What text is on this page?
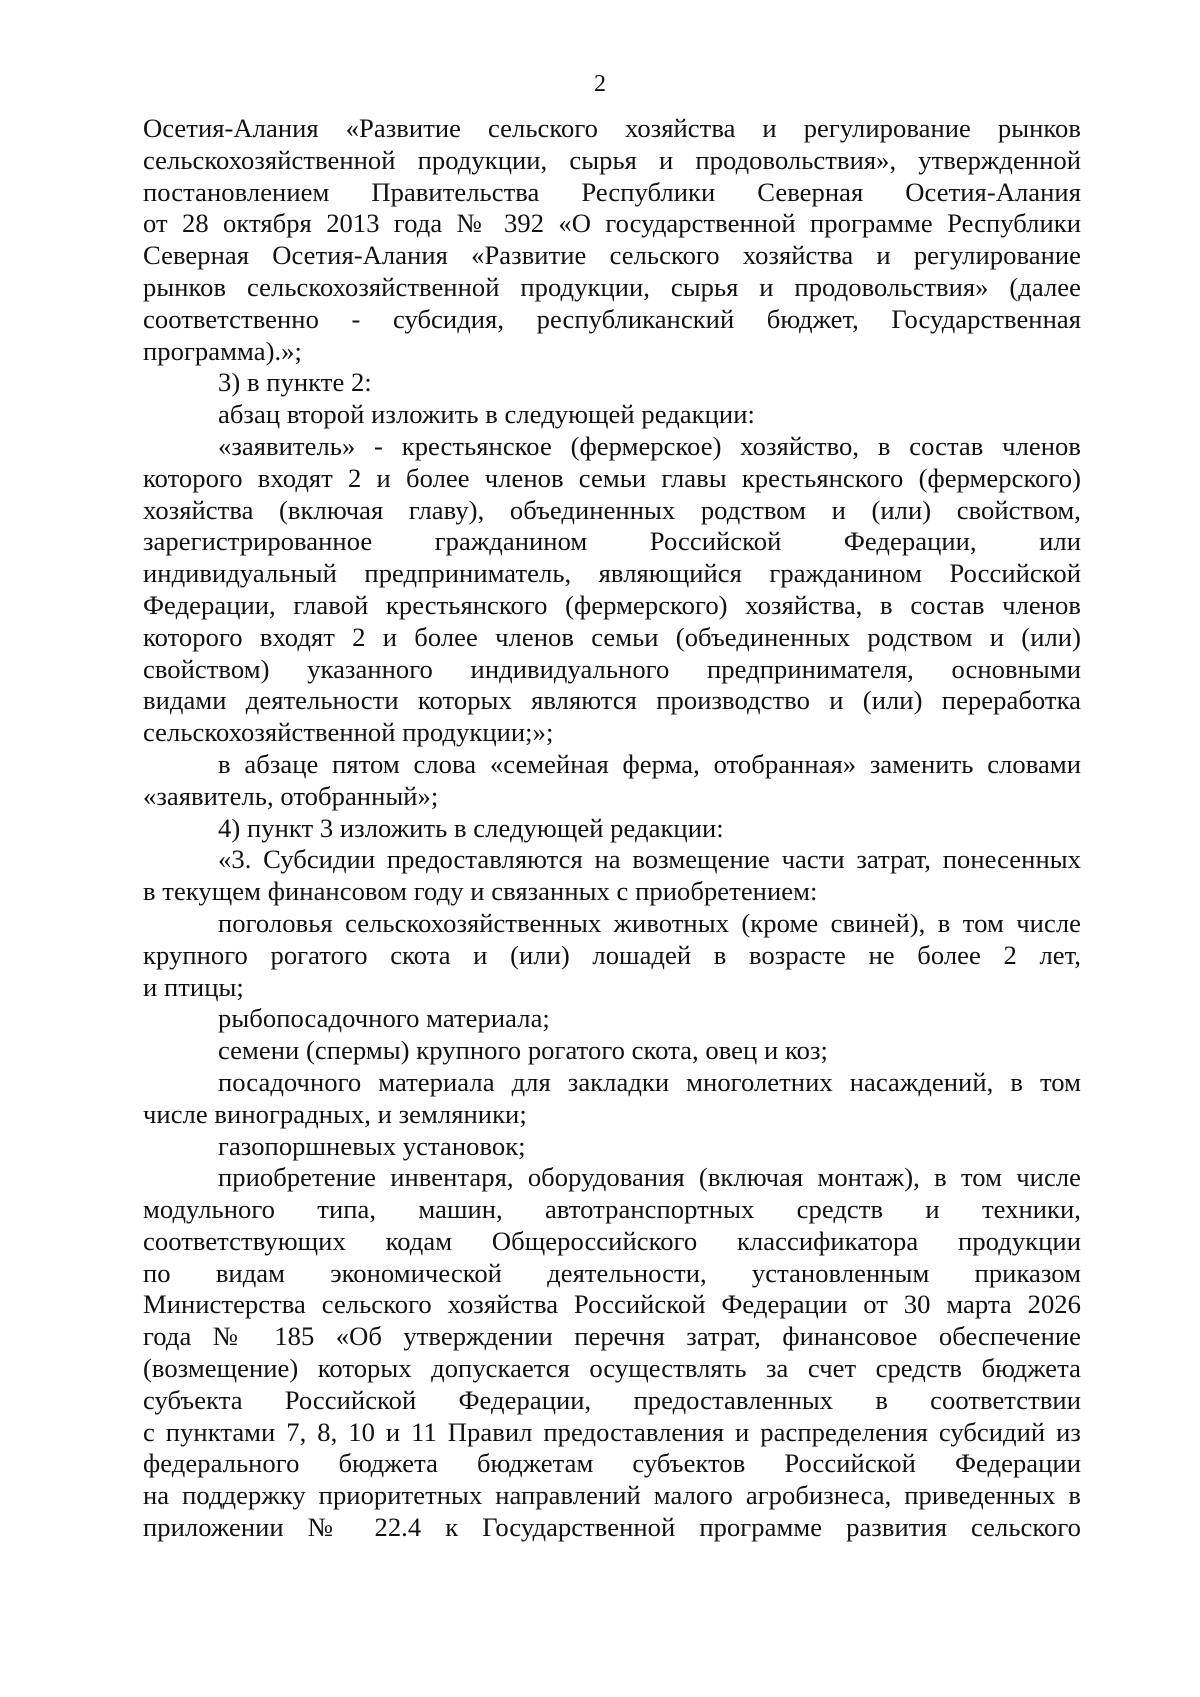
2
Осетия-Алания «Развитие сельского хозяйства и регулирование рынков
сельскохозяйственной продукции, сырья и продовольствия», утвержденной
постановлением Правительства Республики Северная Осетия-Алания
от 28 октября 2013 года № 392 «О государственной программе Республики
Северная Осетия-Алания «Развитие сельского хозяйства и регулирование
рынков сельскохозяйственной продукции, сырья и продовольствия» (далее
соответственно - субсидия, республиканский бюджет, Государственная
программа).»;
3) в пункте 2:
абзац второй изложить в следующей редакции:
«заявитель» - крестьянское (фермерское) хозяйство, в состав членов
которого входят 2 и более членов семьи главы крестьянского (фермерского)
хозяйства (включая главу), объединенных родством и (или) свойством,
зарегистрированное гражданином Российской Федерации, или
индивидуальный предприниматель, являющийся гражданином Российской
Федерации, главой крестьянского (фермерского) хозяйства, в состав членов
которого входят 2 и более членов семьи (объединенных родством и (или)
свойством) указанного индивидуального предпринимателя, основными
видами деятельности которых являются производство и (или) переработка
сельскохозяйственной продукции;»;
в абзаце пятом слова «семейная ферма, отобранная» заменить словами
«заявитель, отобранный»;
4) пункт 3 изложить в следующей редакции:
«3. Субсидии предоставляются на возмещение части затрат, понесенных
в текущем финансовом году и связанных с приобретением:
поголовья сельскохозяйственных животных (кроме свиней), в том числе
крупного рогатого скота и (или) лошадей в возрасте не более 2 лет,
и птицы;
рыбопосадочного материала;
семени (спермы) крупного рогатого скота, овец и коз;
посадочного материала для закладки многолетних насаждений, в том
числе виноградных, и земляники;
газопоршневых установок;
приобретение инвентаря, оборудования (включая монтаж), в том числе
модульного типа, машин, автотранспортных средств и техники,
соответствующих кодам Общероссийского классификатора продукции
по видам экономической деятельности, установленным приказом
Министерства сельского хозяйства Российской Федерации от 30 марта 2026
года № 185 «Об утверждении перечня затрат, финансовое обеспечение
(возмещение) которых допускается осуществлять за счет средств бюджета
субъекта Российской Федерации, предоставленных в соответствии
с пунктами 7, 8, 10 и 11 Правил предоставления и распределения субсидий из
федерального бюджета бюджетам субъектов Российской Федерации
на поддержку приоритетных направлений малого агробизнеса, приведенных в
приложении № 22.4 к Государственной программе развития сельского
